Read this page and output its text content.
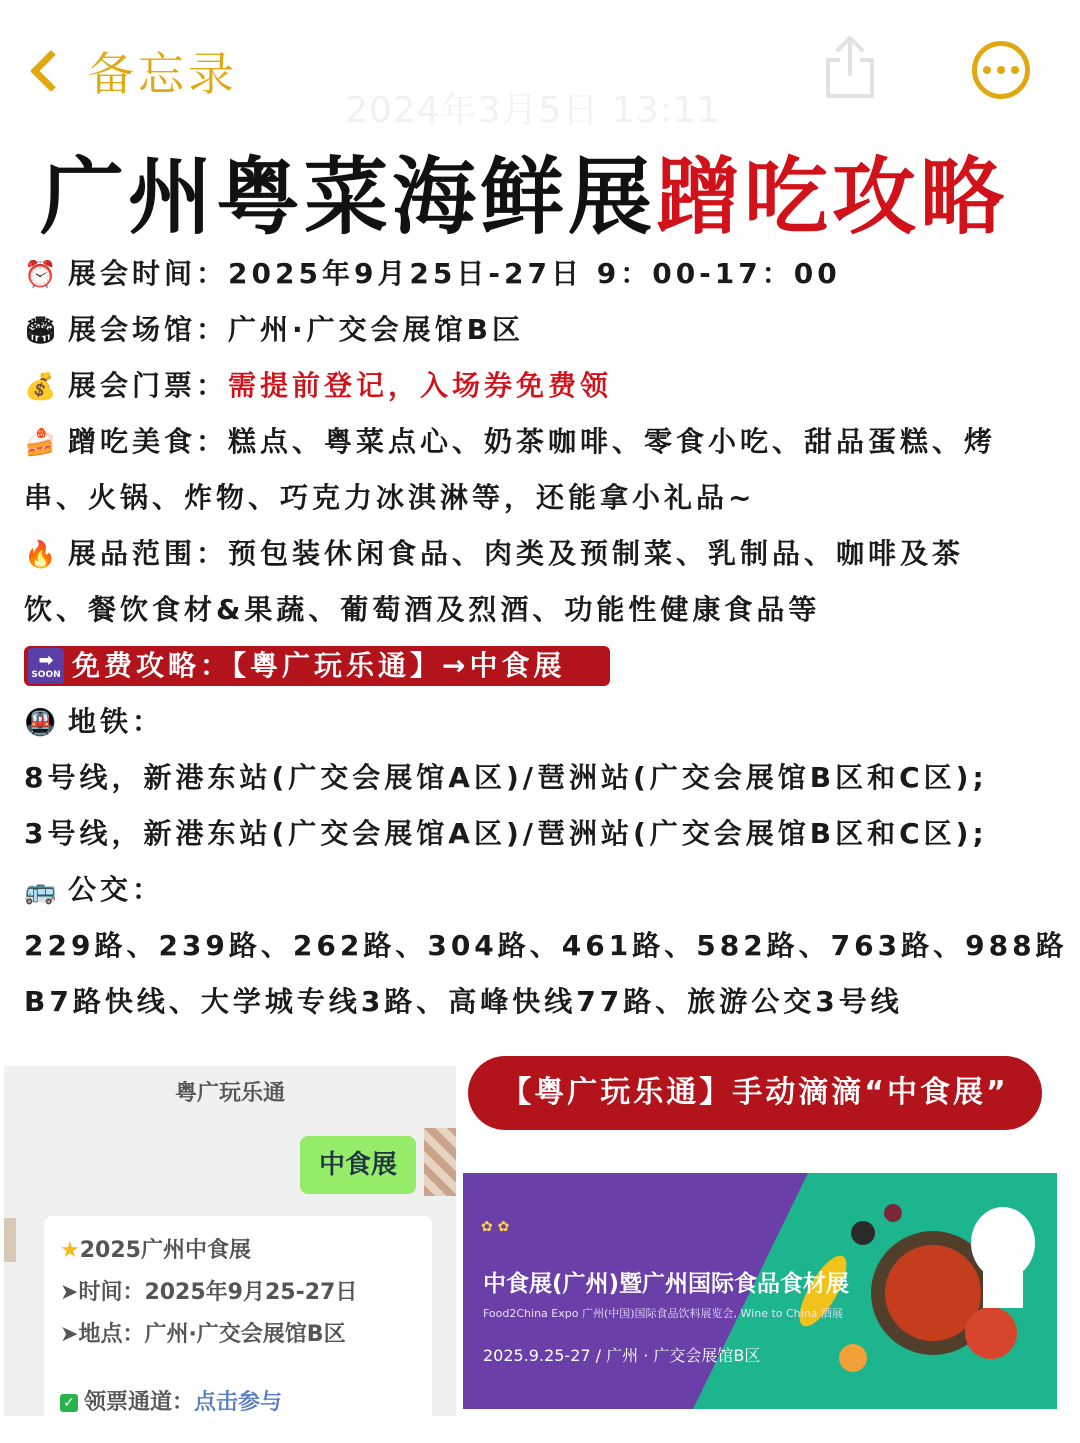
备忘录
2024年3月5日 13:11
广州粤菜海鲜展蹭吃攻略
⏰ 展会时间：2025年9月25日-27日 9：00-17：00
🏟 展会场馆：广州·广交会展馆B区
💰 展会门票：需提前登记，入场券免费领
🍰 蹭吃美食：糕点、粤菜点心、奶茶咖啡、零食小吃、甜品蛋糕、烤
串、火锅、炸物、巧克力冰淇淋等，还能拿小礼品~
🔥 展品范围：预包装休闲食品、肉类及预制菜、乳制品、咖啡及茶
饮、餐饮食材&果蔬、葡萄酒及烈酒、功能性健康食品等
➡
SOON 免费攻略：【粤广玩乐通】→中食展
🚇 地铁：
8号线，新港东站(广交会展馆A区)/琶洲站(广交会展馆B区和C区);
3号线，新港东站(广交会展馆A区)/琶洲站(广交会展馆B区和C区);
🚌 公交：
229路、239路、262路、304路、461路、582路、763路、988路
B7路快线、大学城专线3路、高峰快线77路、旅游公交3号线
粤广玩乐通
中食展
★2025广州中食展
➤时间：2025年9月25-27日
➤地点：广州·广交会展馆B区
✓ 领票通道：点击参与
【粤广玩乐通】手动滴滴“中食展”
✿ ✿
中食展(广州)暨广州国际食品食材展
Food2China Expo 广州(中国)国际食品饮料展览会, Wine to China 酒展
2025.9.25-27 / 广州 · 广交会展馆B区
